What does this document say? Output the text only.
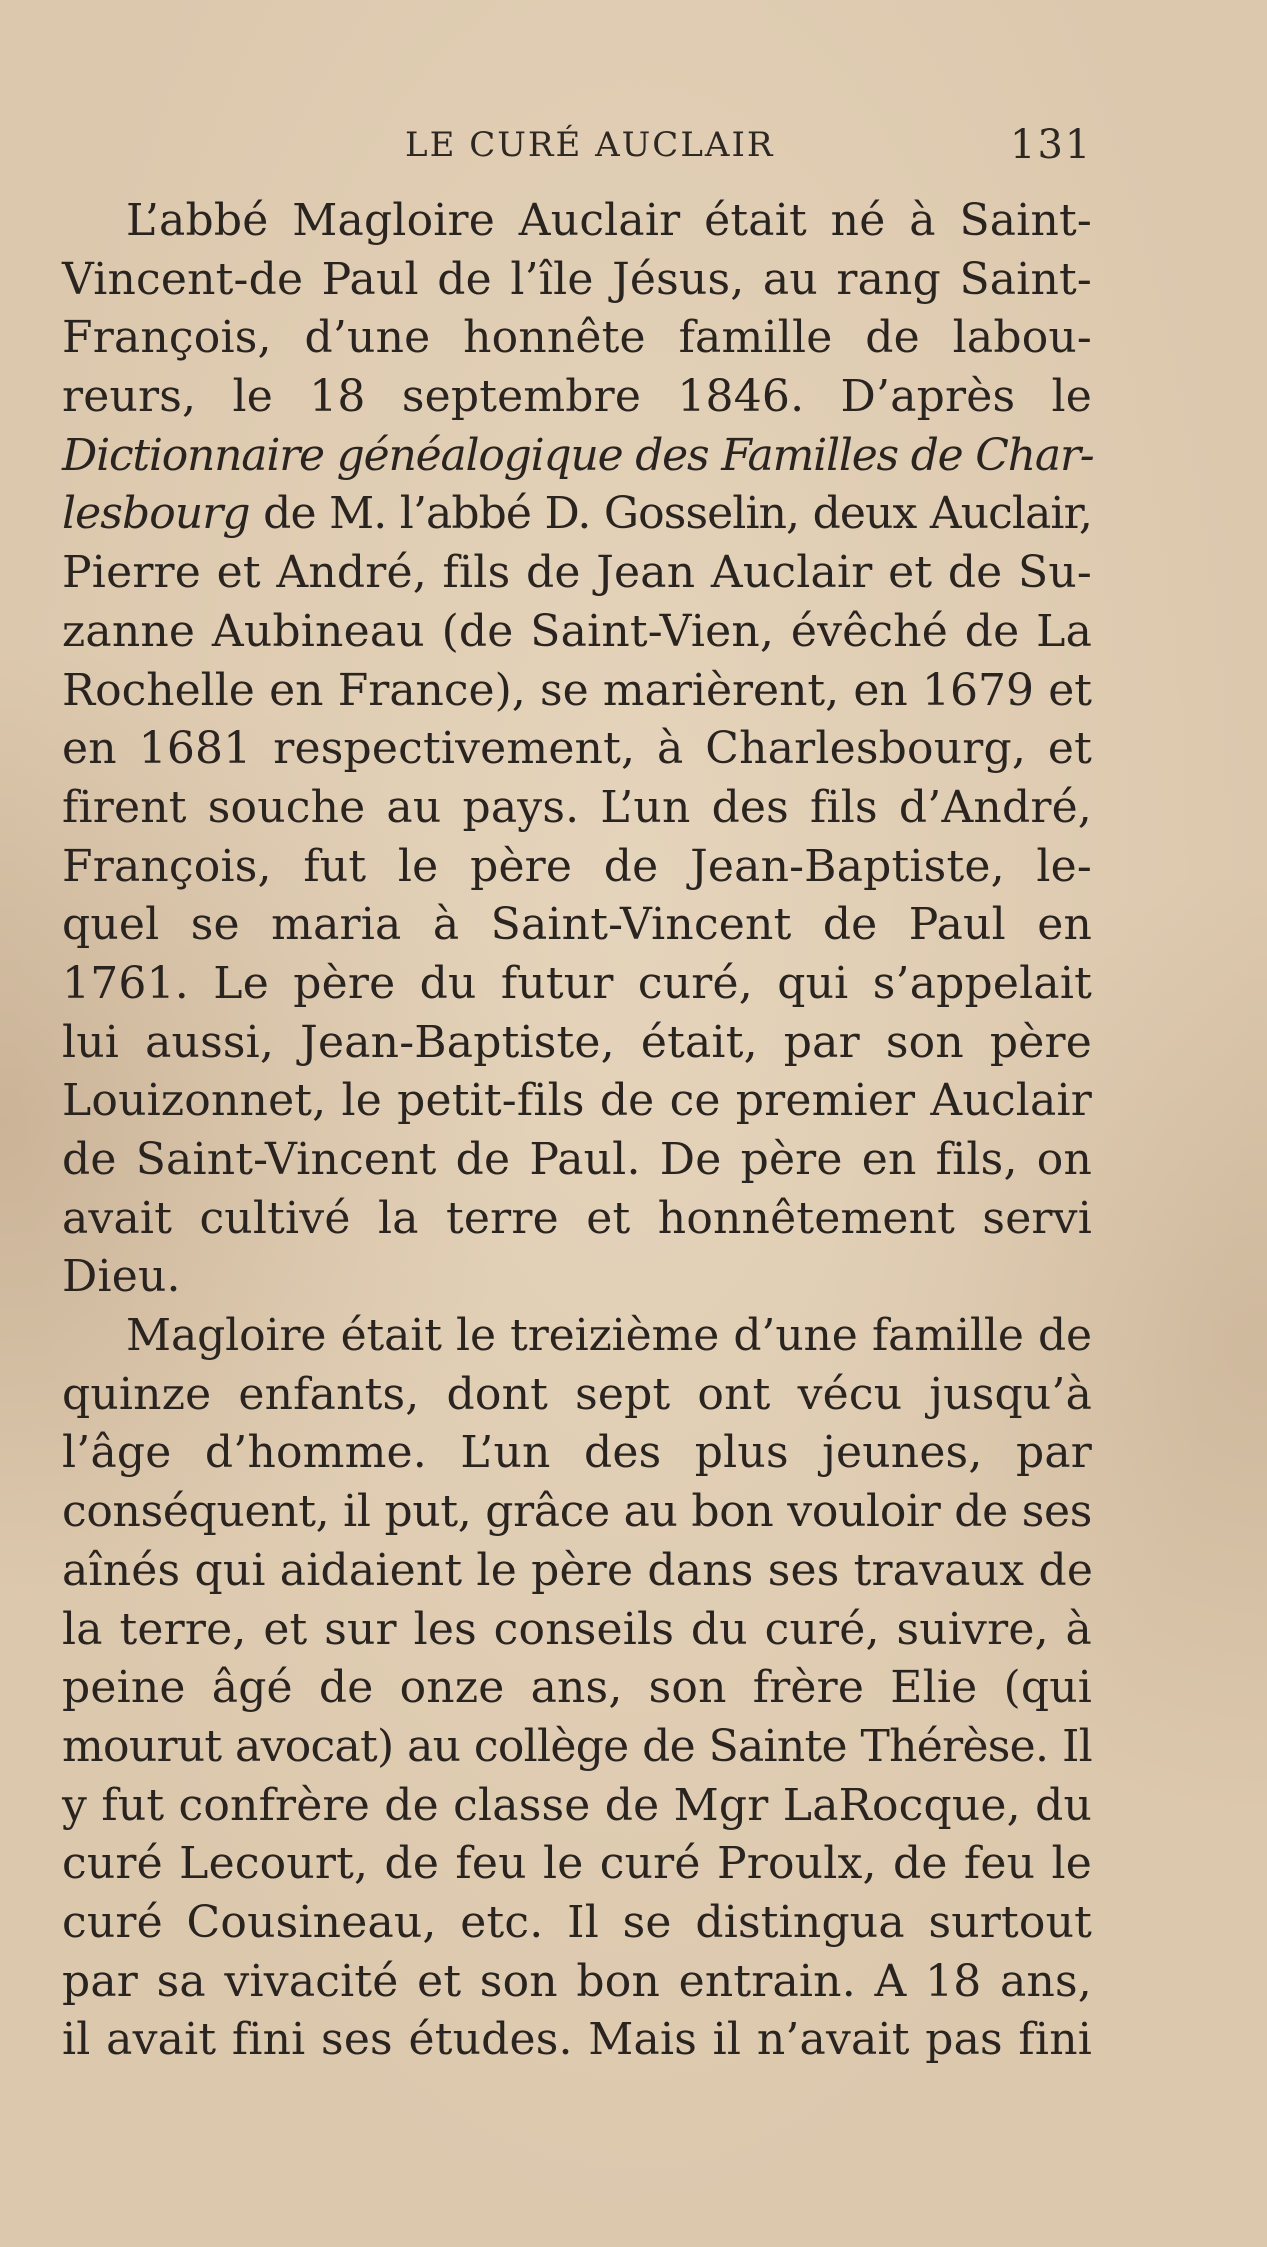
LE CURÉ AUCLAIR	131
L’abbé Magloire Auclair était né à Saint-
Vincent-de Paul de l’île Jésus, au rang Saint-
François, d’une honnête famille de labou-
reurs, le 18 septembre 1846. D’après le
Dictionnaire généalogique des Familles de Char-
lesbourg de M. l’abbé D. Gosselin, deux Auclair,
Pierre et André, fils de Jean Auclair et de Su-
zanne Aubineau (de Saint-Vien, évêché de La
Rochelle en France), se marièrent, en 1679 et
en 1681 respectivement, à Charlesbourg, et
firent souche au pays. L’un des fils d’André,
François, fut le père de Jean-Baptiste, le-
quel se maria à Saint-Vincent de Paul en
1761. Le père du futur curé, qui s’appelait
lui aussi, Jean-Baptiste, était, par son père
Louizonnet, le petit-fils de ce premier Auclair
de Saint-Vincent de Paul. De père en fils, on
avait cultivé la terre et honnêtement servi
Dieu.
Magloire était le treizième d’une famille de
quinze enfants, dont sept ont vécu jusqu’à
l’âge d’homme. L’un des plus jeunes, par
conséquent, il put, grâce au bon vouloir de ses
aînés qui aidaient le père dans ses travaux de
la terre, et sur les conseils du curé, suivre, à
peine âgé de onze ans, son frère Elie (qui
mourut avocat) au collège de Sainte Thérèse. Il
y fut confrère de classe de Mgr LaRocque, du
curé Lecourt, de feu le curé Proulx, de feu le
curé Cousineau, etc. Il se distingua surtout
par sa vivacité et son bon entrain. A 18 ans,
il avait fini ses études. Mais il n’avait pas fini
